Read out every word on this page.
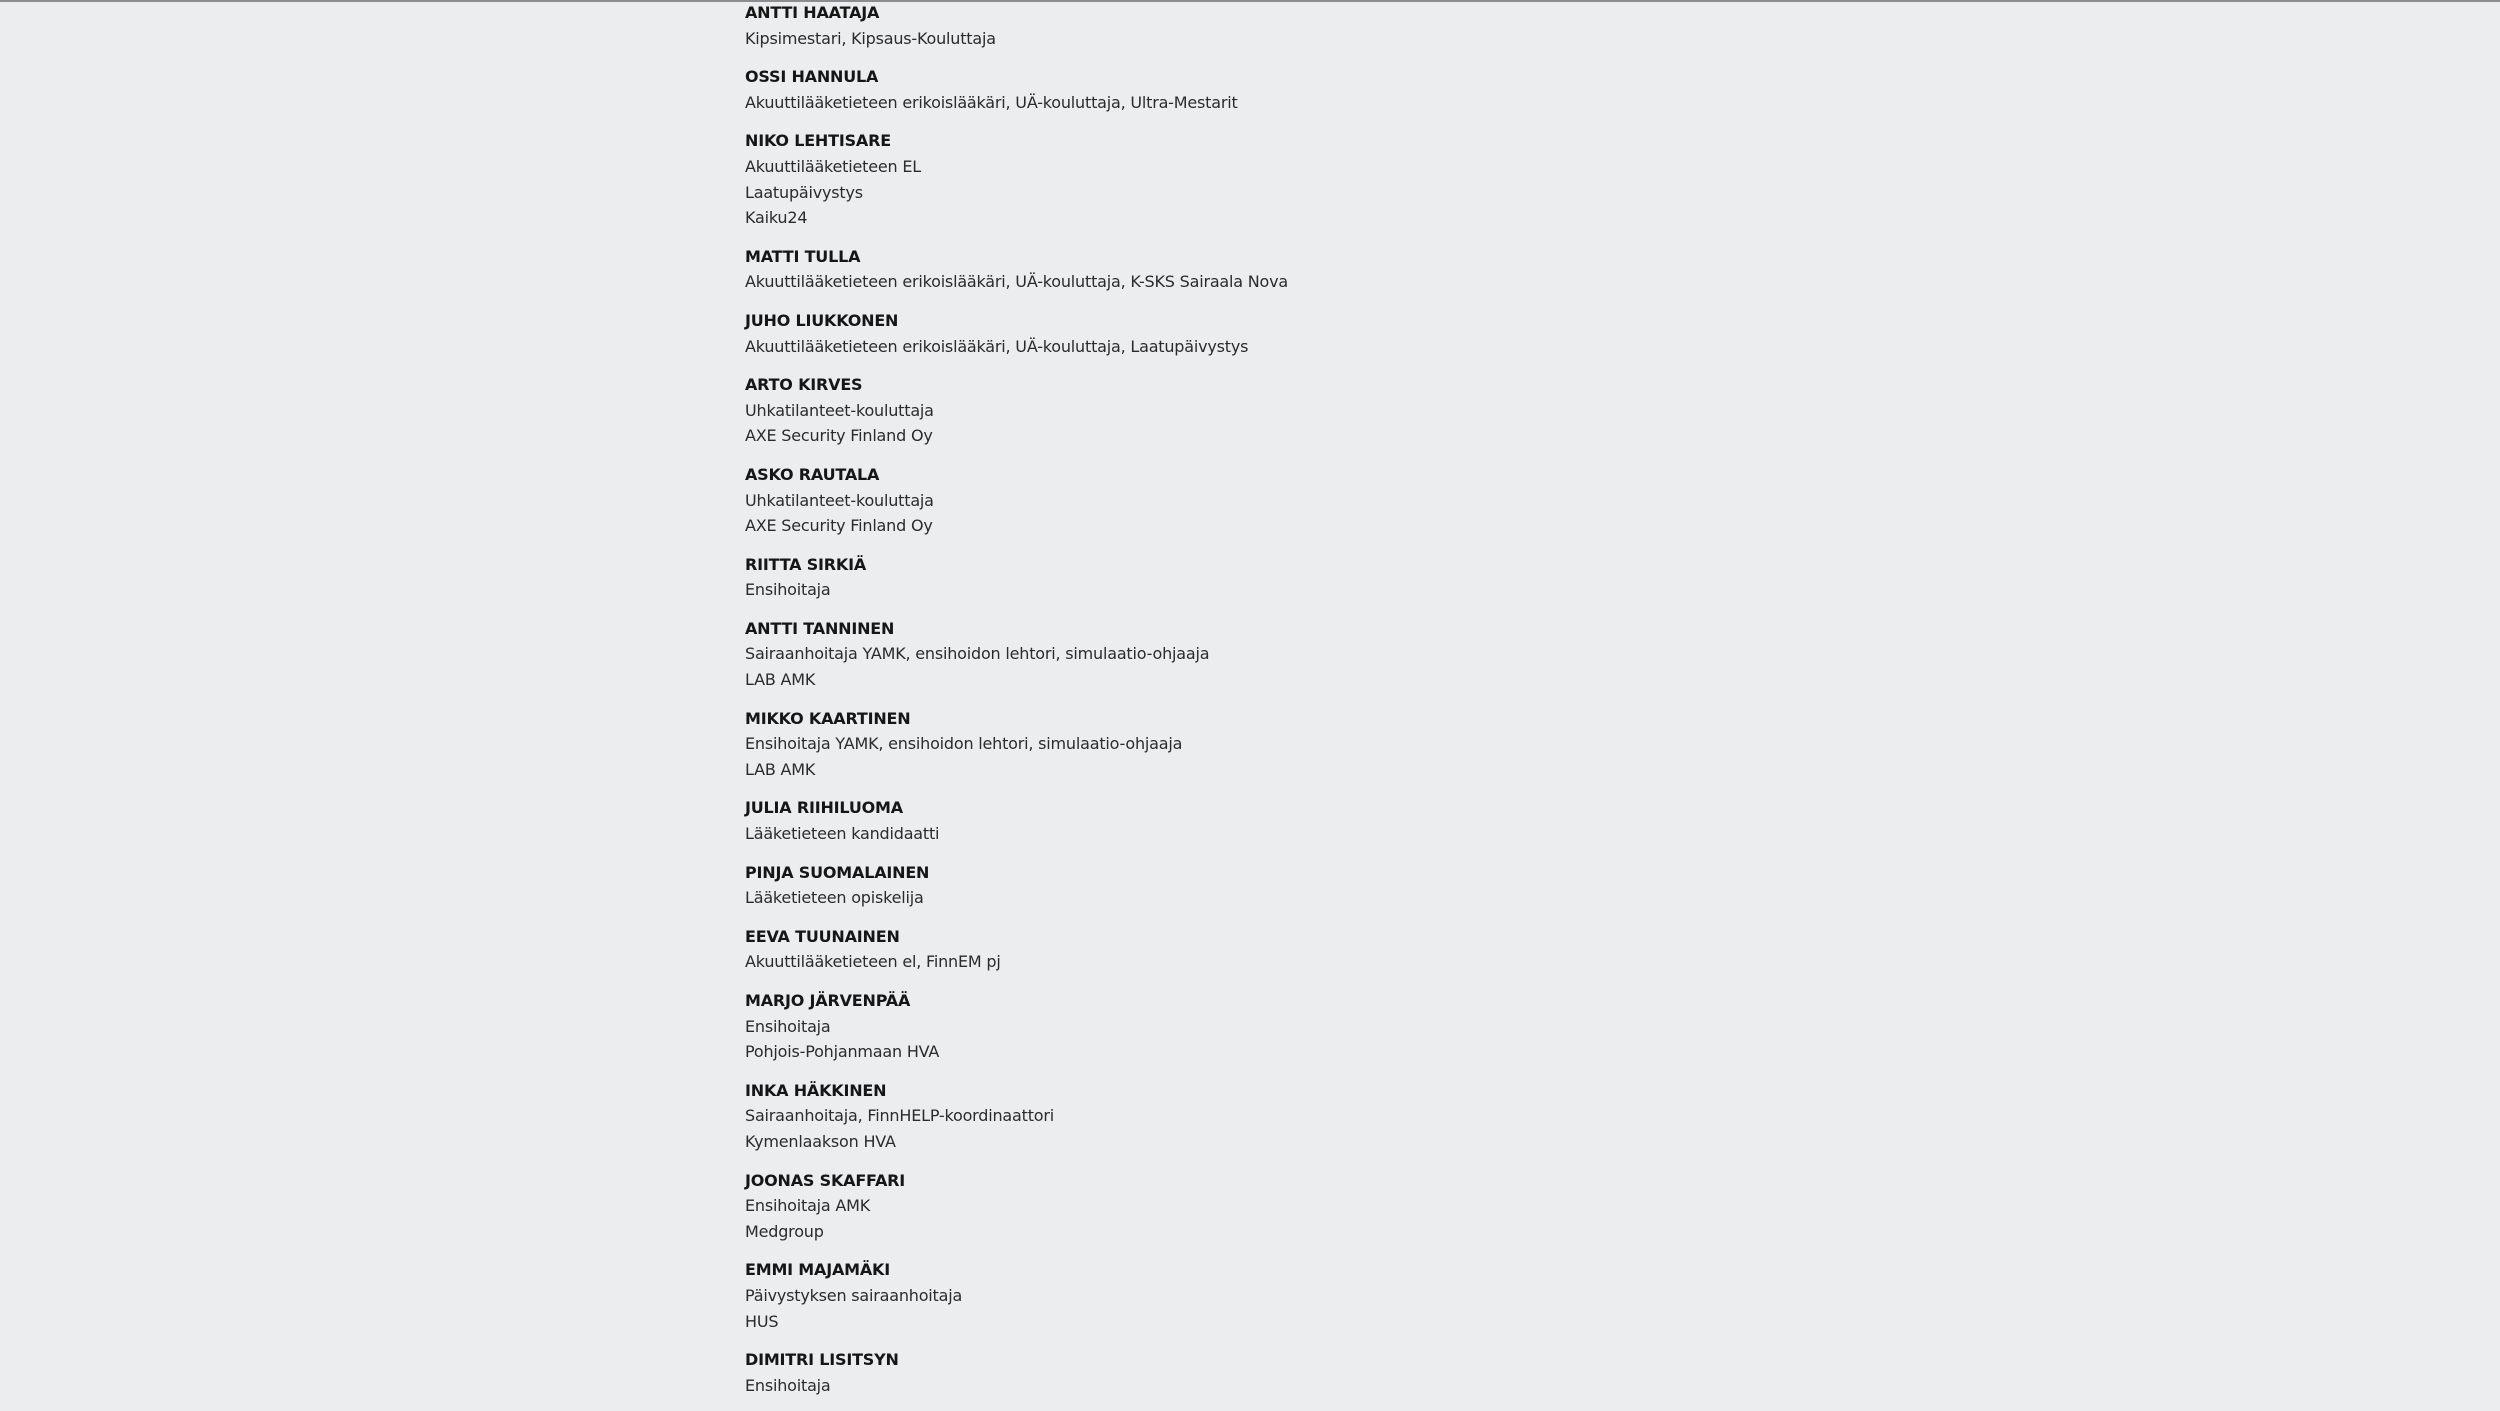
ANTTI HAATAJA
Kipsimestari, Kipsaus-Kouluttaja
OSSI HANNULA
Akuuttilääketieteen erikoislääkäri, UÄ-kouluttaja, Ultra-Mestarit
NIKO LEHTISARE
Akuuttilääketieteen EL
Laatupäivystys
Kaiku24
MATTI TULLA
Akuuttilääketieteen erikoislääkäri, UÄ-kouluttaja, K-SKS Sairaala Nova
JUHO LIUKKONEN
Akuuttilääketieteen erikoislääkäri, UÄ-kouluttaja, Laatupäivystys
ARTO KIRVES
Uhkatilanteet-kouluttaja
AXE Security Finland Oy
ASKO RAUTALA
Uhkatilanteet-kouluttaja
AXE Security Finland Oy
RIITTA SIRKIÄ
Ensihoitaja
ANTTI TANNINEN
Sairaanhoitaja YAMK, ensihoidon lehtori, simulaatio-ohjaaja
LAB AMK
MIKKO KAARTINEN
Ensihoitaja YAMK, ensihoidon lehtori, simulaatio-ohjaaja
LAB AMK
JULIA RIIHILUOMA
Lääketieteen kandidaatti
PINJA SUOMALAINEN
Lääketieteen opiskelija
EEVA TUUNAINEN
Akuuttilääketieteen el, FinnEM pj
MARJO JÄRVENPÄÄ
Ensihoitaja
Pohjois-Pohjanmaan HVA
INKA HÄKKINEN
Sairaanhoitaja, FinnHELP-koordinaattori
Kymenlaakson HVA
JOONAS SKAFFARI
Ensihoitaja AMK
Medgroup
EMMI MAJAMÄKI
Päivystyksen sairaanhoitaja
HUS
DIMITRI LISITSYN
Ensihoitaja
